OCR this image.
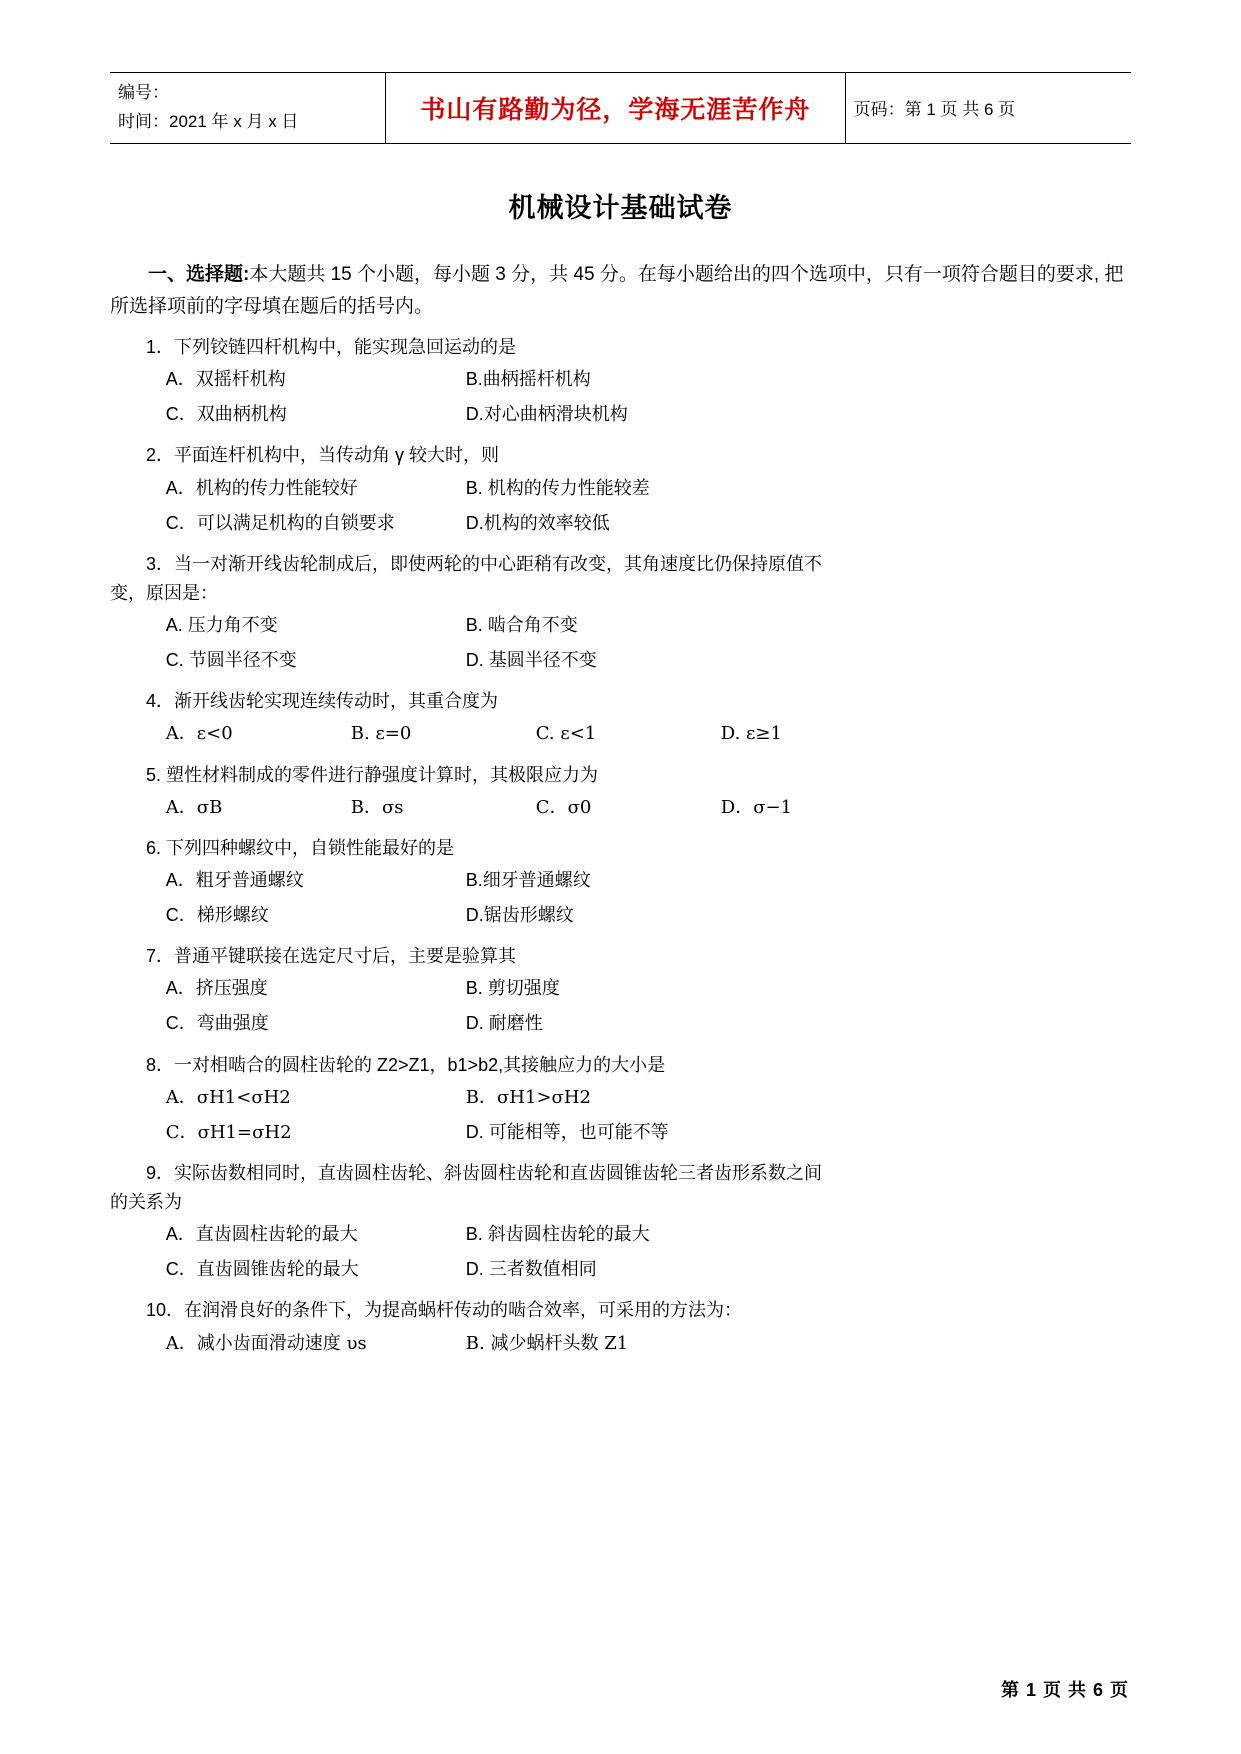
编号：
时间：2021 年 x 月 x 日	书山有路勤为径，学海无涯苦作舟	页码：第 1 页 共 6 页
机械设计基础试卷
一、选择题:本大题共 15 个小题，每小题 3 分，共 45 分。在每小题给出的四个选项中，只有一项符合题目的要求, 把所选择项前的字母填在题后的括号内。
1．下列铰链四杆机构中，能实现急回运动的是
A．双摇杆机构	B.曲柄摇杆机构
C．双曲柄机构	D.对心曲柄滑块机构
2．平面连杆机构中，当传动角 γ 较大时，则
A．机构的传力性能较好	B. 机构的传力性能较差
C．可以满足机构的自锁要求	D.机构的效率较低
3．当一对渐开线齿轮制成后，即使两轮的中心距稍有改变，其角速度比仍保持原值不
变，原因是：
A. 压力角不变	B. 啮合角不变
C. 节圆半径不变	D. 基圆半径不变
4．渐开线齿轮实现连续传动时，其重合度为
A．ε<0	B. ε=0	C. ε<1	D. ε≥1
5. 塑性材料制成的零件进行静强度计算时，其极限应力为
A．σB	B．σs	C．σ0	D．σ−1
6. 下列四种螺纹中，自锁性能最好的是
A．粗牙普通螺纹	B.细牙普通螺纹
C．梯形螺纹	D.锯齿形螺纹
7．普通平键联接在选定尺寸后，主要是验算其
A．挤压强度	B. 剪切强度
C．弯曲强度	D. 耐磨性
8．一对相啮合的圆柱齿轮的 Z2>Z1，b1>b2,其接触应力的大小是
A．σH1<σH2	B．σH1>σH2
C．σH1=σH2	D. 可能相等，也可能不等
9．实际齿数相同时，直齿圆柱齿轮、斜齿圆柱齿轮和直齿圆锥齿轮三者齿形系数之间
的关系为
A．直齿圆柱齿轮的最大	B. 斜齿圆柱齿轮的最大
C．直齿圆锥齿轮的最大	D. 三者数值相同
10．在润滑良好的条件下，为提高蜗杆传动的啮合效率，可采用的方法为：
A．减小齿面滑动速度 υs	B. 减少蜗杆头数 Z1
第 1 页 共 6 页
